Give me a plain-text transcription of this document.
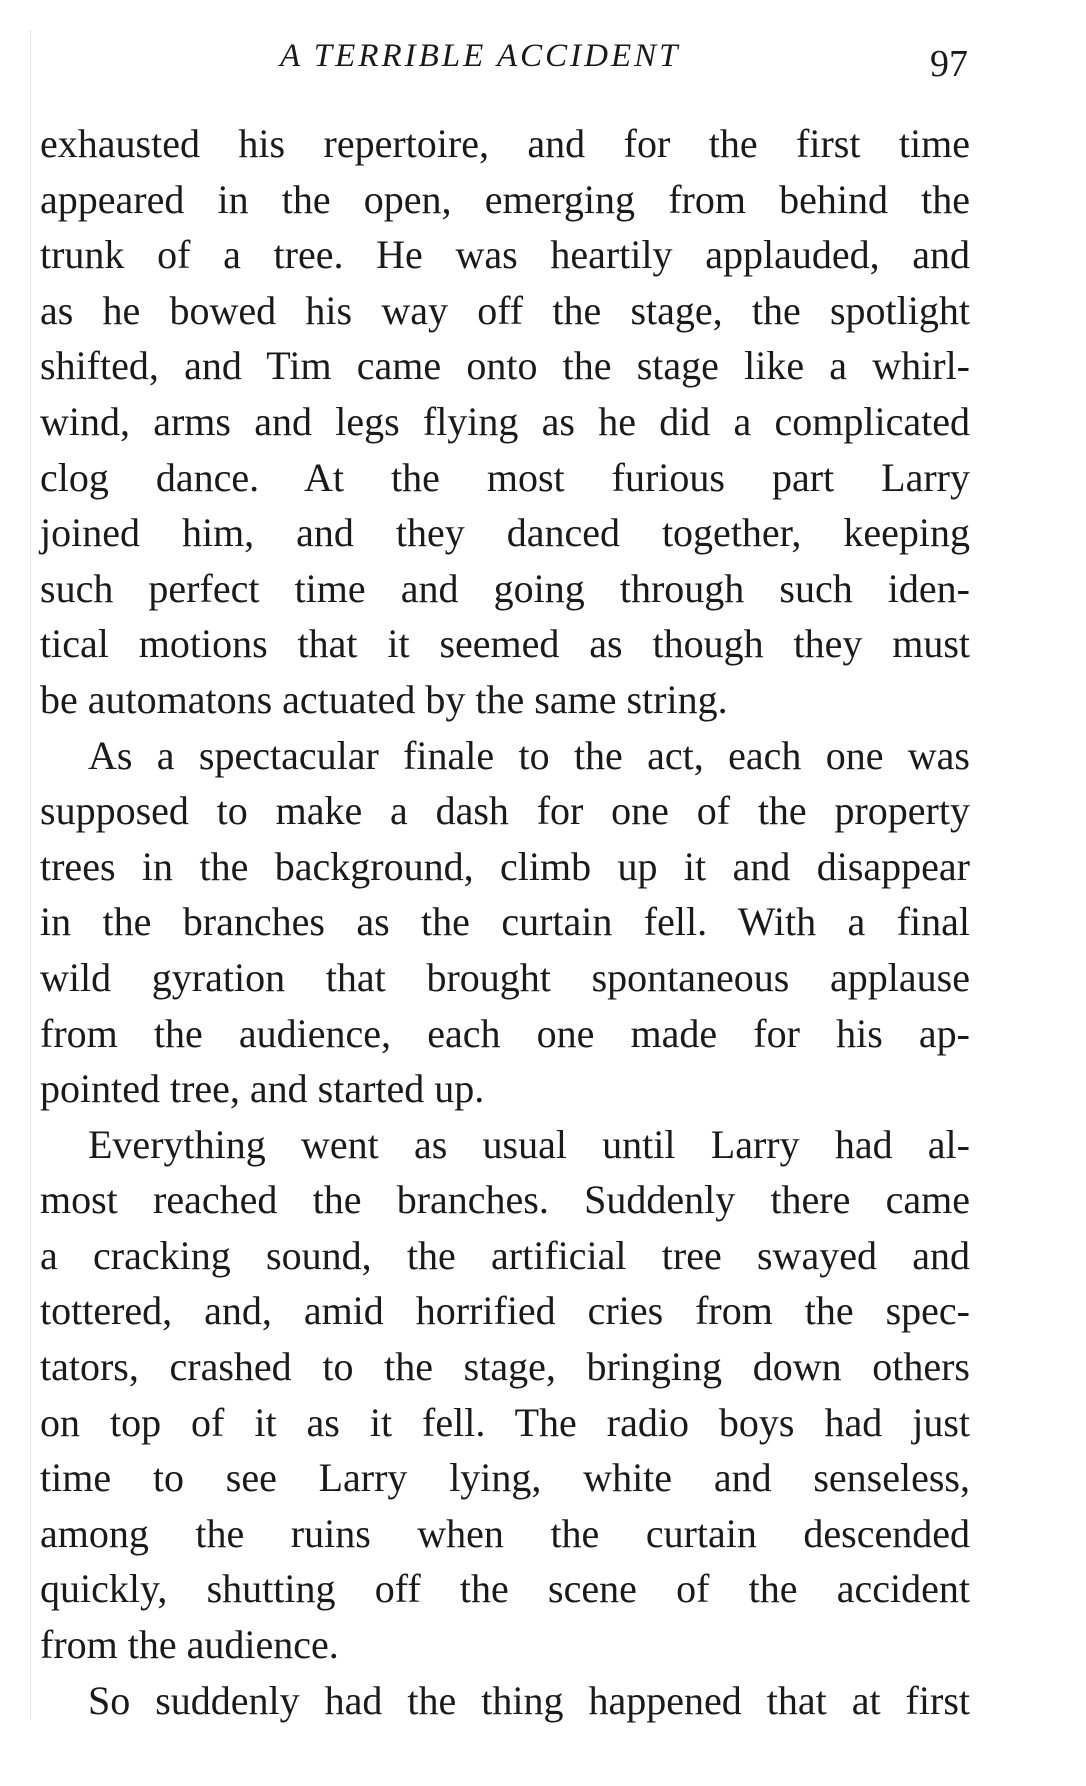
A TERRIBLE ACCIDENT	97
exhausted his repertoire, and for the first time
appeared in the open, emerging from behind the
trunk of a tree. He was heartily applauded, and
as he bowed his way off the stage, the spotlight
shifted, and Tim came onto the stage like a whirl-
wind, arms and legs flying as he did a complicated
clog dance. At the most furious part Larry
joined him, and they danced together, keeping
such perfect time and going through such iden-
tical motions that it seemed as though they must
be automatons actuated by the same string.
As a spectacular finale to the act, each one was
supposed to make a dash for one of the property
trees in the background, climb up it and disappear
in the branches as the curtain fell. With a final
wild gyration that brought spontaneous applause
from the audience, each one made for his ap-
pointed tree, and started up.
Everything went as usual until Larry had al-
most reached the branches. Suddenly there came
a cracking sound, the artificial tree swayed and
tottered, and, amid horrified cries from the spec-
tators, crashed to the stage, bringing down others
on top of it as it fell. The radio boys had just
time to see Larry lying, white and senseless,
among the ruins when the curtain descended
quickly, shutting off the scene of the accident
from the audience.
So suddenly had the thing happened that at first
